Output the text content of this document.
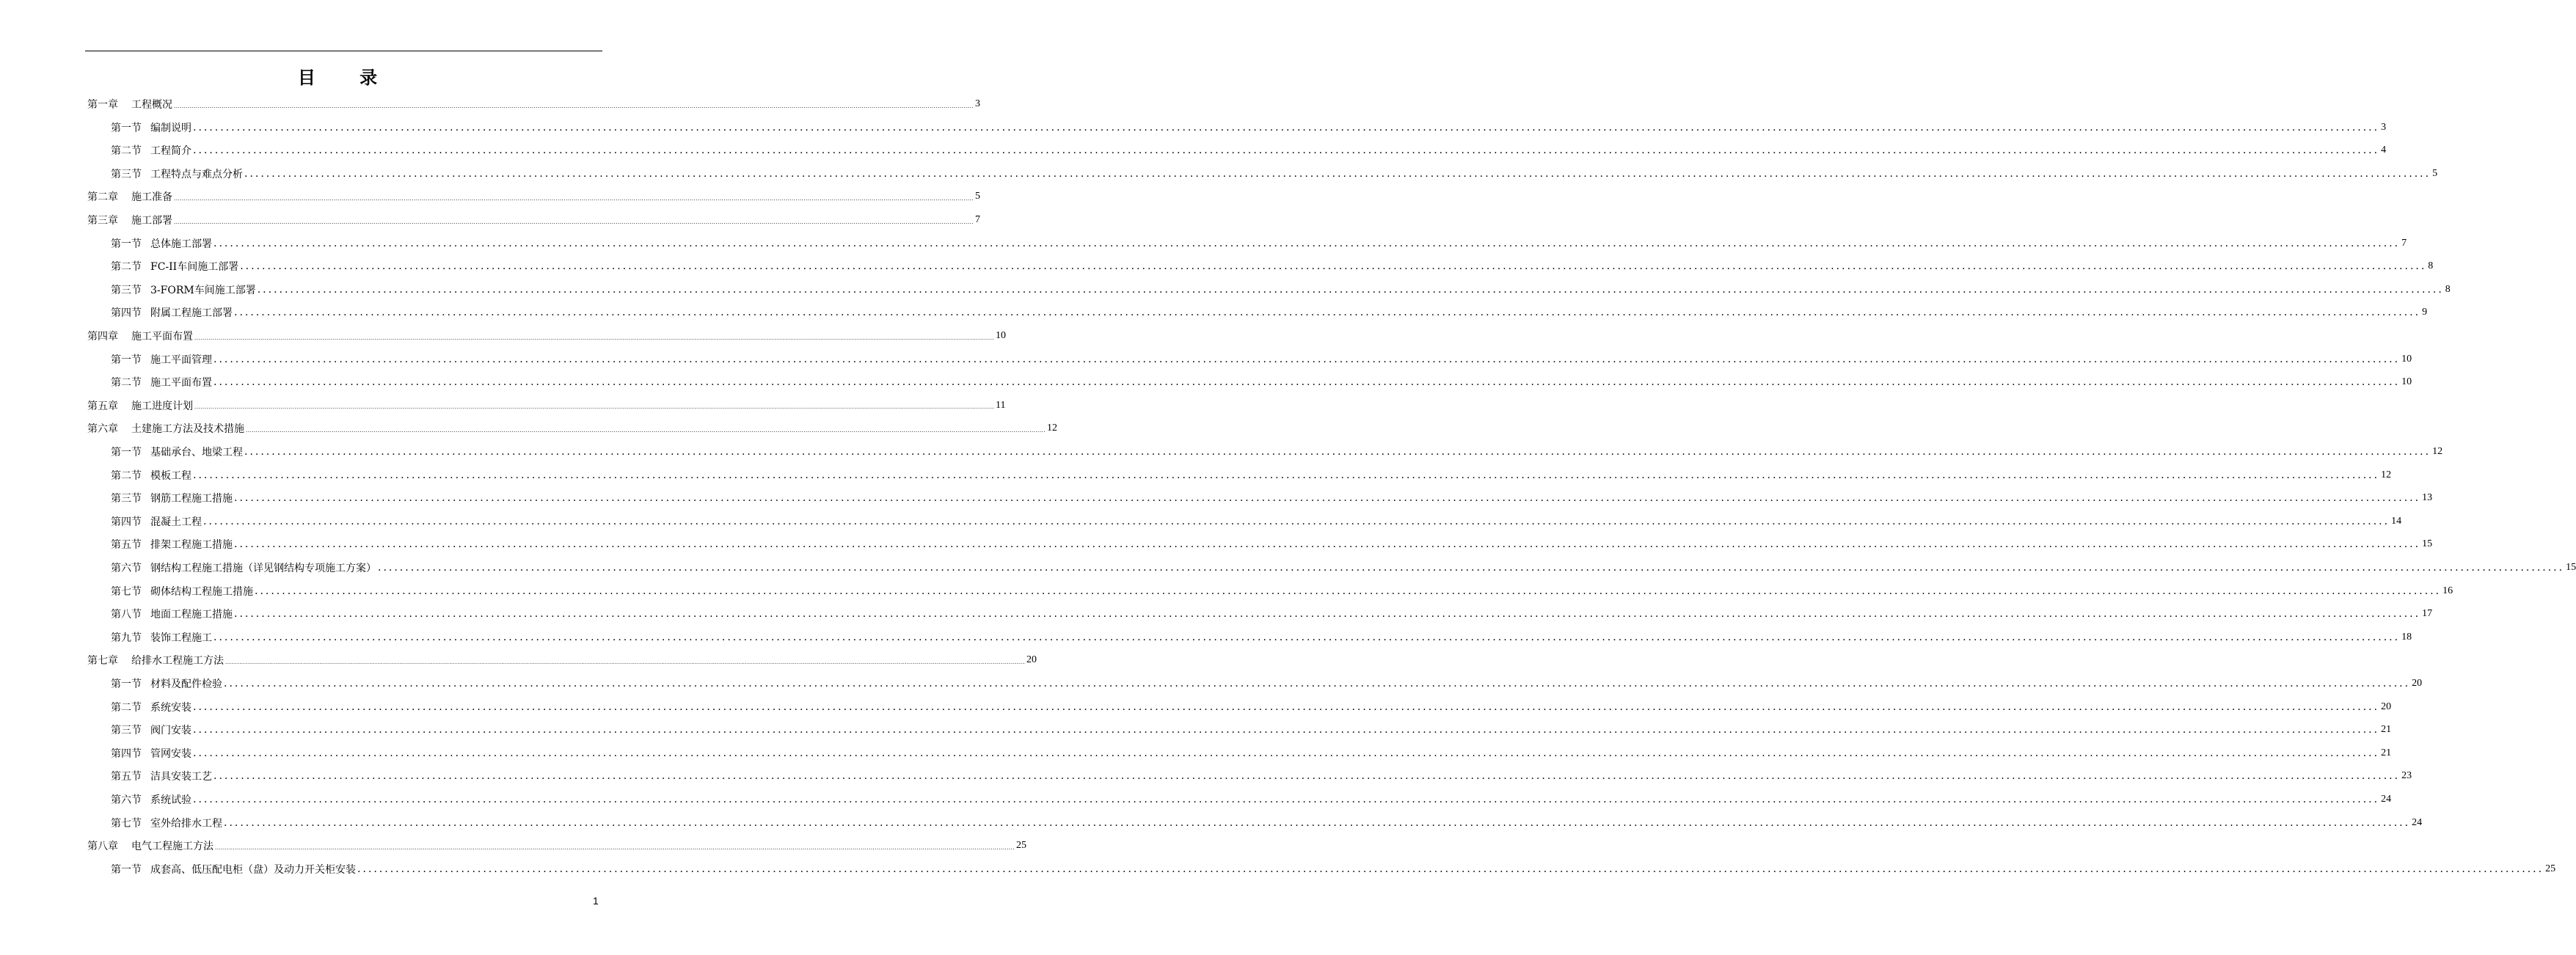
目 录
第一章 工程概况 ................................................................................................................................................................................................................................................................................................................................................................................................................ 3
第一节 编制说明 ................................................................................................................................................................................................................................................................................................................................................................................................................ 3
第二节 工程简介 ................................................................................................................................................................................................................................................................................................................................................................................................................ 4
第三节 工程特点与难点分析 ................................................................................................................................................................................................................................................................................................................................................................................................................ 5
第二章 施工准备 ................................................................................................................................................................................................................................................................................................................................................................................................................ 5
第三章 施工部署 ................................................................................................................................................................................................................................................................................................................................................................................................................ 7
第一节 总体施工部署 ................................................................................................................................................................................................................................................................................................................................................................................................................ 7
第二节 FC-II车间施工部署 ................................................................................................................................................................................................................................................................................................................................................................................................................ 8
第三节 3-FORM车间施工部署 ................................................................................................................................................................................................................................................................................................................................................................................................................ 8
第四节 附属工程施工部署 ................................................................................................................................................................................................................................................................................................................................................................................................................ 9
第四章 施工平面布置 ................................................................................................................................................................................................................................................................................................................................................................................................................ 10
第一节 施工平面管理 ................................................................................................................................................................................................................................................................................................................................................................................................................ 10
第二节 施工平面布置 ................................................................................................................................................................................................................................................................................................................................................................................................................ 10
第五章 施工进度计划 ................................................................................................................................................................................................................................................................................................................................................................................................................ 11
第六章 土建施工方法及技术措施 ................................................................................................................................................................................................................................................................................................................................................................................................................ 12
第一节 基础承台、地梁工程 ................................................................................................................................................................................................................................................................................................................................................................................................................ 12
第二节 模板工程 ................................................................................................................................................................................................................................................................................................................................................................................................................ 12
第三节 钢筋工程施工措施 ................................................................................................................................................................................................................................................................................................................................................................................................................ 13
第四节 混凝土工程 ................................................................................................................................................................................................................................................................................................................................................................................................................ 14
第五节 排架工程施工措施 ................................................................................................................................................................................................................................................................................................................................................................................................................ 15
第六节 钢结构工程施工措施（详见钢结构专项施工方案） ................................................................................................................................................................................................................................................................................................................................................................................................................ 15
第七节 砌体结构工程施工措施 ................................................................................................................................................................................................................................................................................................................................................................................................................ 16
第八节 地面工程施工措施 ................................................................................................................................................................................................................................................................................................................................................................................................................ 17
第九节 装饰工程施工 ................................................................................................................................................................................................................................................................................................................................................................................................................ 18
第七章 给排水工程施工方法 ................................................................................................................................................................................................................................................................................................................................................................................................................ 20
第一节 材料及配件检验 ................................................................................................................................................................................................................................................................................................................................................................................................................ 20
第二节 系统安装 ................................................................................................................................................................................................................................................................................................................................................................................................................ 20
第三节 阀门安装 ................................................................................................................................................................................................................................................................................................................................................................................................................ 21
第四节 管网安装 ................................................................................................................................................................................................................................................................................................................................................................................................................ 21
第五节 洁具安装工艺 ................................................................................................................................................................................................................................................................................................................................................................................................................ 23
第六节 系统试验 ................................................................................................................................................................................................................................................................................................................................................................................................................ 24
第七节 室外给排水工程 ................................................................................................................................................................................................................................................................................................................................................................................................................ 24
第八章 电气工程施工方法 ................................................................................................................................................................................................................................................................................................................................................................................................................ 25
第一节 成套高、低压配电柜（盘）及动力开关柜安装 ................................................................................................................................................................................................................................................................................................................................................................................................................ 25
1
